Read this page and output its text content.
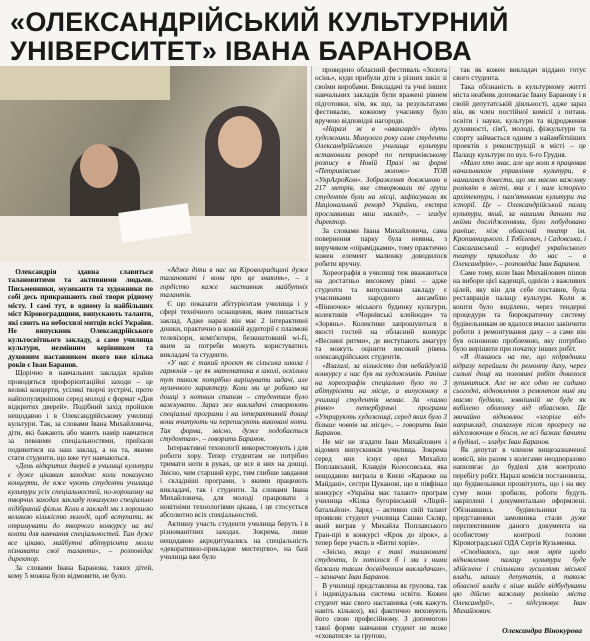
«ОЛЕКСАНДРІЙСЬКИЙ КУЛЬТУРНИЙ
УНІВЕРСИТЕТ» ІВАНА БАРАНОВА

 Олександрія здавна славиться талановитими та активними людьми. Письменники, музиканти та художники по собі десь прикрашають свої твори рідному місту. І самі тут, в одному із найбільших міст Кіровоградщини, випускають таланти, які сяють на небосхилі митців всієї України. Не випускник Олександрійського культосвітнього закладу, а саме училища культури, незмінним керівником та духовним наставником якого вже кілька років є Іван Баранов.

 Щорічно в навчальних закладах країни проводяться профорієнтаційні заходи – це великі концерти, усілякі творчі зустрічі, проте найпопулярнішою серед молоді є формат «Дня відкритих дверей». Подібний захід пройшов нещодавно і в Олександрійському училищі культури. Так, за словами Івана Михайловича, діти, які бажають або мають намір навчатися за певними спеціальностями, приїхали подивитися на наш заклад, а на та, якими стати студенти, що вже тут навчаються.

 «День відкритих дверей в училищі культури є дуже цікавим заходом: коли показуємо концерти, де вже чують студенти училища культури усіх спеціальностей, по-хорошому на творчих заходах закладу показуємо спеціально підібраний фільм. Коли в закладі ми з хорошою великою кількістю молоді, щоб вступати, як отримувати до творчого конкурсу на які колти для навчання спеціальностей. Там дуже все цікаво, майбутні абітурієнти могли пізнавати свої таланти», – розповідає директор.

 За словами Івана Баранова, таких дітей, кому 5 можна було відмовити, не було.

 «Адже діти в нас на Кіровоградщині дуже талановиті і вони про це знають», – з гордістю каже наставник майбутніх талантів.

 Є що показати абітурієнтам училища і у сфері технічного оснащення, яким пишається заклад. Адже наразі він має 2 інтерактивні дошки, практично в кожній аудиторії є плазмові телевізори, комп'ютери, безкоштовний wi-fi, яким за потреби можуть користуватись викладачі та студенти.

 «У нас є такий проєкт як сільська школа і гармонія – це як математика в школі, оскільки тут також потрібно вирішувати задачі, але музичного характеру. Коли ми це робимо на дошці з нотним станом – студентам було важкувато. Зараз же викладачі створюють спеціальні програми і на інтерактивній дошці вони вчитують чи переписують виконані ноти. Так форма, звісно, дуже подобається студентам», – говорить Баранов.

 Інтерактивні технології використовують і для роботи хору. Тепер студентам не потрібно тримати ноти в руках, це все в них на дошці. Звісно, чим старший курс, тим глибше завдання і складніші програми, з якими працюють викладачі, так і студенти. За словами Івана Михайловича, для молоді працювати з новітніми технологіями цікава, і це стосується абсолютно всіх спеціальностей.

 Активну участь студенти училища беруть і в різноманітних заходах. Зокрема, лише нещодавно акредитувались на спеціальність «декоративно-прикладне мистецтво», на базі училища вже було

 проведено обласний фестиваль «Золота осінь», куди прибули діти з різних шкіл зі своїми виробами. Викладачі та учні інших навчальних закладів були вражені рівнем підготовки, кім, як що, за результатами фестивалю, кожному учаснику було вручено відповідні нагороди.

 «Наразі ж в «авангарді» ідуть художники. Минулого року саме студенти Олександрійського училища культури встановили рекорд по петриківському розпису в Новій Празі на формі «Петриківське молоко» ТОВ «УкрАгроКом». Зображення довжиною в 217 метрів, яке створювали ті групи студентів були на місці, зафіксували як Національний рекорд України, екстра прославивши наш заклад», – згадує директор.

 За словами Івана Михайловича, сама повернення парку була неявна, з виручиком «пірамідками», тому практично кожен елемент малюнку доводилося робити вручну.

 Хореографія в училищі теж вважаються на достатньо високому рівні – адже студенти та випускники закладу є учасниками народного ансамблю «Вінночок» міського будинку культури, колективів «Чорнівські клейноди» та «Зорянь». Колективи запрошуються в якості гостей на обласний конкурс «Весняні ритми», де виступають амагуру та можуть оцінити високий рівень олександрійських студентів.

 «Взагалі, за кількістю для небайдужій конкурсу є нас був на художників. Раніше на хореографів спеціально було по 3 абітурієнти на місце, а випускнику в училищі студентів немає. За «палко рівно» петербурзькі програми «Утрирують художниці, серед яких було 3 більше човнів на місце», – говорить Іван Баранов.

 Не міг не згадати Іван Михайлович і відомих випускників училища. Зокрема серед них існує орел Михайло Поплавський, Клавдія Колосовська, яка нещодавно виграла в Києві «Караоке на Майдані», сестри Цуканові, що в півфінал конкурсу «Україна має талант» програм училища «Кілка бугорінський «Ліцей-батальйон». Заряд – активно свій талант проявляє студент училища Сашко Скляр, який виграв у Михайла Поплавського Гран-прі в конкурсі «Крок до зірок», а тепер бере участь в «Битві хорів».

 «Звісно, якщо є такі талановиті студенти, їх хотілося б і ми з ними бажали таким досвідченим викладачам», – зазначає Іван Баранов.

 В училищі представлена як групова, так і індивідуальна система освіти. Кожен студент має свого наставника («як кажуть навіть кількох), які фактично виховують його свою професійному. З допомогою такої форми навчання студент не може «сховатися» за групою,

 так як кожен викладач віддано готує свого студента.

 Така обізнаність в культурному житті міста неабияк допомагає Івану Баранову і в своїй депутатській діяльності, адже зараз він, як член постійної комісії з питань освіти і науки, культури та відродження духовності, сім'ї, молоді, фізкультури та спорту займається одним з найамбітніших проектів з реконструкції в місті – це Палацу культури по вул. 6-го Грудня.

 «Мало хто знає, але ще коли я працював начальником управління культури, я намагався довести, що ми маємо важливу реліквію в місті, яка є і нам історією архітектури, і пам'ятником культури та історії. Це – Олександрійський палац культури, який, за нашими даними та моїми дослідженнями, було побудовано раніше, ніж обласний театр ім. Кропивницького. І Тобілевич, і Садовська, і Саксаганський – корифеї українського театру приходили до нас – в Олександрію», – розповідає Іван Баранов.

 Саме тому, коли Іван Михайлович пішов на вибори цієї каденції, однією з важливих цілей, яку він для себе поставив, була реставрація палацу культури. Коли ж кошти було виділено, через тендерні процедури та бюрократичну систему будівельникам не вдалося вчасно закінчити роботи з ремонтування даху – а саме він був основною проблемою, яку потрібно було вирішити при початку інших робіт.

 «Я дізнаюсь на те, що підрядники відразу перейшли до ремонту даху, через сильні дощі на половині робіт довелося зупинитися. Але не все одно не сидимо сьогодні, відновлення з ремонтом нині ми маємо будівлю, зовнішній не буде як вибілено оболонку від обласною. Це звичайно відновлює «згоріле від» наприклад, спалахнув після прогресу на відселюючим в біосм, не всі бажає бачити в будівлі, – згадує Іван Баранов.

 Як депутат в членом вищезазначеної комісії, він разом з колегами неодноразово наполягає до будівлі для контролю перебігу робіт. Наразі комісія постановила, що будівельники прозвітують, що і на яку суму вони зробили, роботи будуть закріплені і документально оформлені. Обізнавшись будівельники та представники замовника стали дуже перспективним даного документа на особистому контролі голови Кіровоградської ОДА Сергія Кузьменка.

 «Сподіваюсь, що моя мрія щодо відновлення палацу культури буде здійснене і спільними зусиллями міської влади, наших депутатів, а також обласної влади є ніше вийде відбудувати цю дійсно важливу реліквію міста Олександрії», – підсумовує Іван Михайлович.

Олександра Вінокурова
